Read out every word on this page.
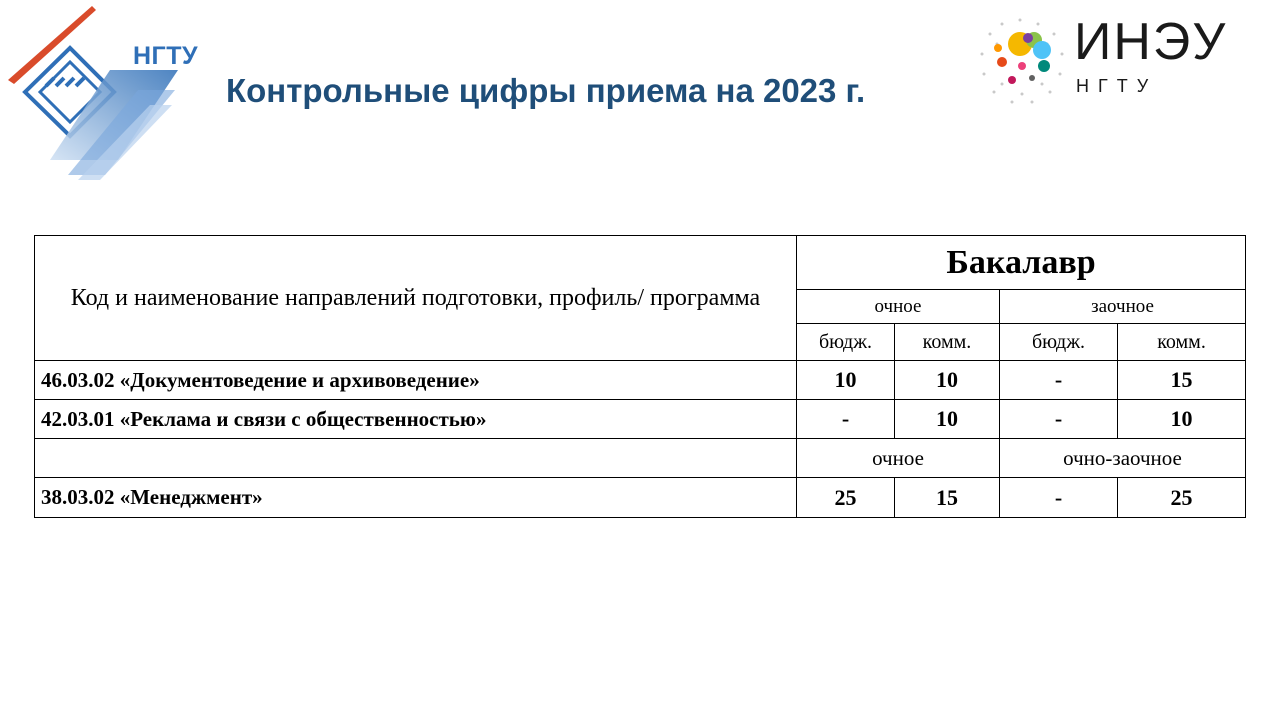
НГТУ
Контрольные цифры приема на 2023 г.
ИНЭУ
НГТУ
Код и наименование направлений подготовки, профиль/ программа	Бакалавр			
	очное		заочное	
	бюдж.	комм.	бюдж.	комм.
46.03.02 «Документоведение и архивоведение»	10	10	-	15
42.03.01 «Реклама и связи с общественностью»	-	10	-	10
	очное		очно-заочное	
38.03.02 «Менеджмент»	25	15	-	25
